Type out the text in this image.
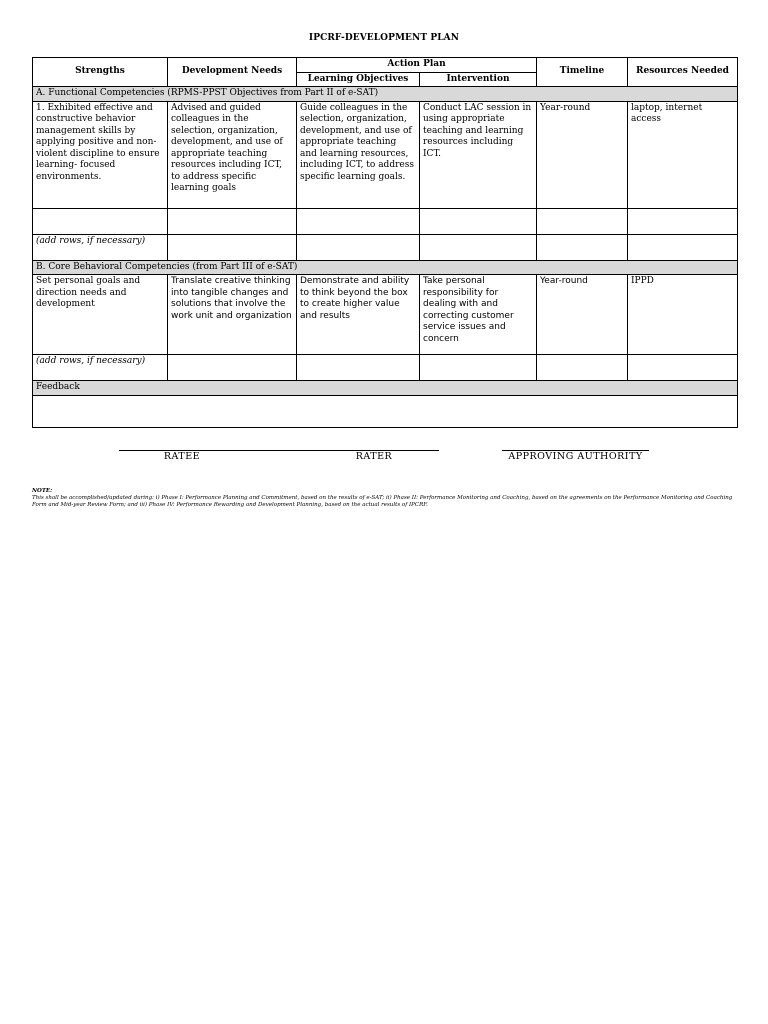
IPCRF-DEVELOPMENT PLAN
Strengths	Development Needs	Action Plan		Timeline	Resources Needed
		Learning Objectives	Intervention		
A. Functional Competencies (RPMS-PPST Objectives from Part II of e-SAT)					
1. Exhibited effective and constructive behavior management skills by applying positive and non-violent discipline to ensure learning- focused environments.	Advised and guided colleagues in the selection, organization, development, and use of appropriate teaching resources including ICT, to address specific learning goals	Guide colleagues in the selection, organization, development, and use of appropriate teaching and learning resources, including ICT, to address specific learning goals.	Conduct LAC session in using appropriate teaching and learning resources including ICT.	Year-round	laptop, internet access

(add rows, if necessary)					
B. Core Behavioral Competencies (from Part III of e-SAT)					
Set personal goals and direction needs and development	Translate creative thinking into tangible changes and solutions that involve the work unit and organization	Demonstrate and ability to think beyond the box to create higher value and results	Take personal responsibility for dealing with and correcting customer service issues and concern	Year-round	IPPD
(add rows, if necessary)					
Feedback					

RATEE	RATER	APPROVING AUTHORITY
NOTE:
This shall be accomplished/updated during: i) Phase I: Performance Planning and Commitment, based on the results of e-SAT; ii) Phase II: Performance Monitoring and Coaching, based on the agreements on the Performance Monitoring and Coaching Form and Mid-year Review Form; and iii) Phase IV: Performance Rewarding and Development Planning, based on the actual results of IPCRF.
